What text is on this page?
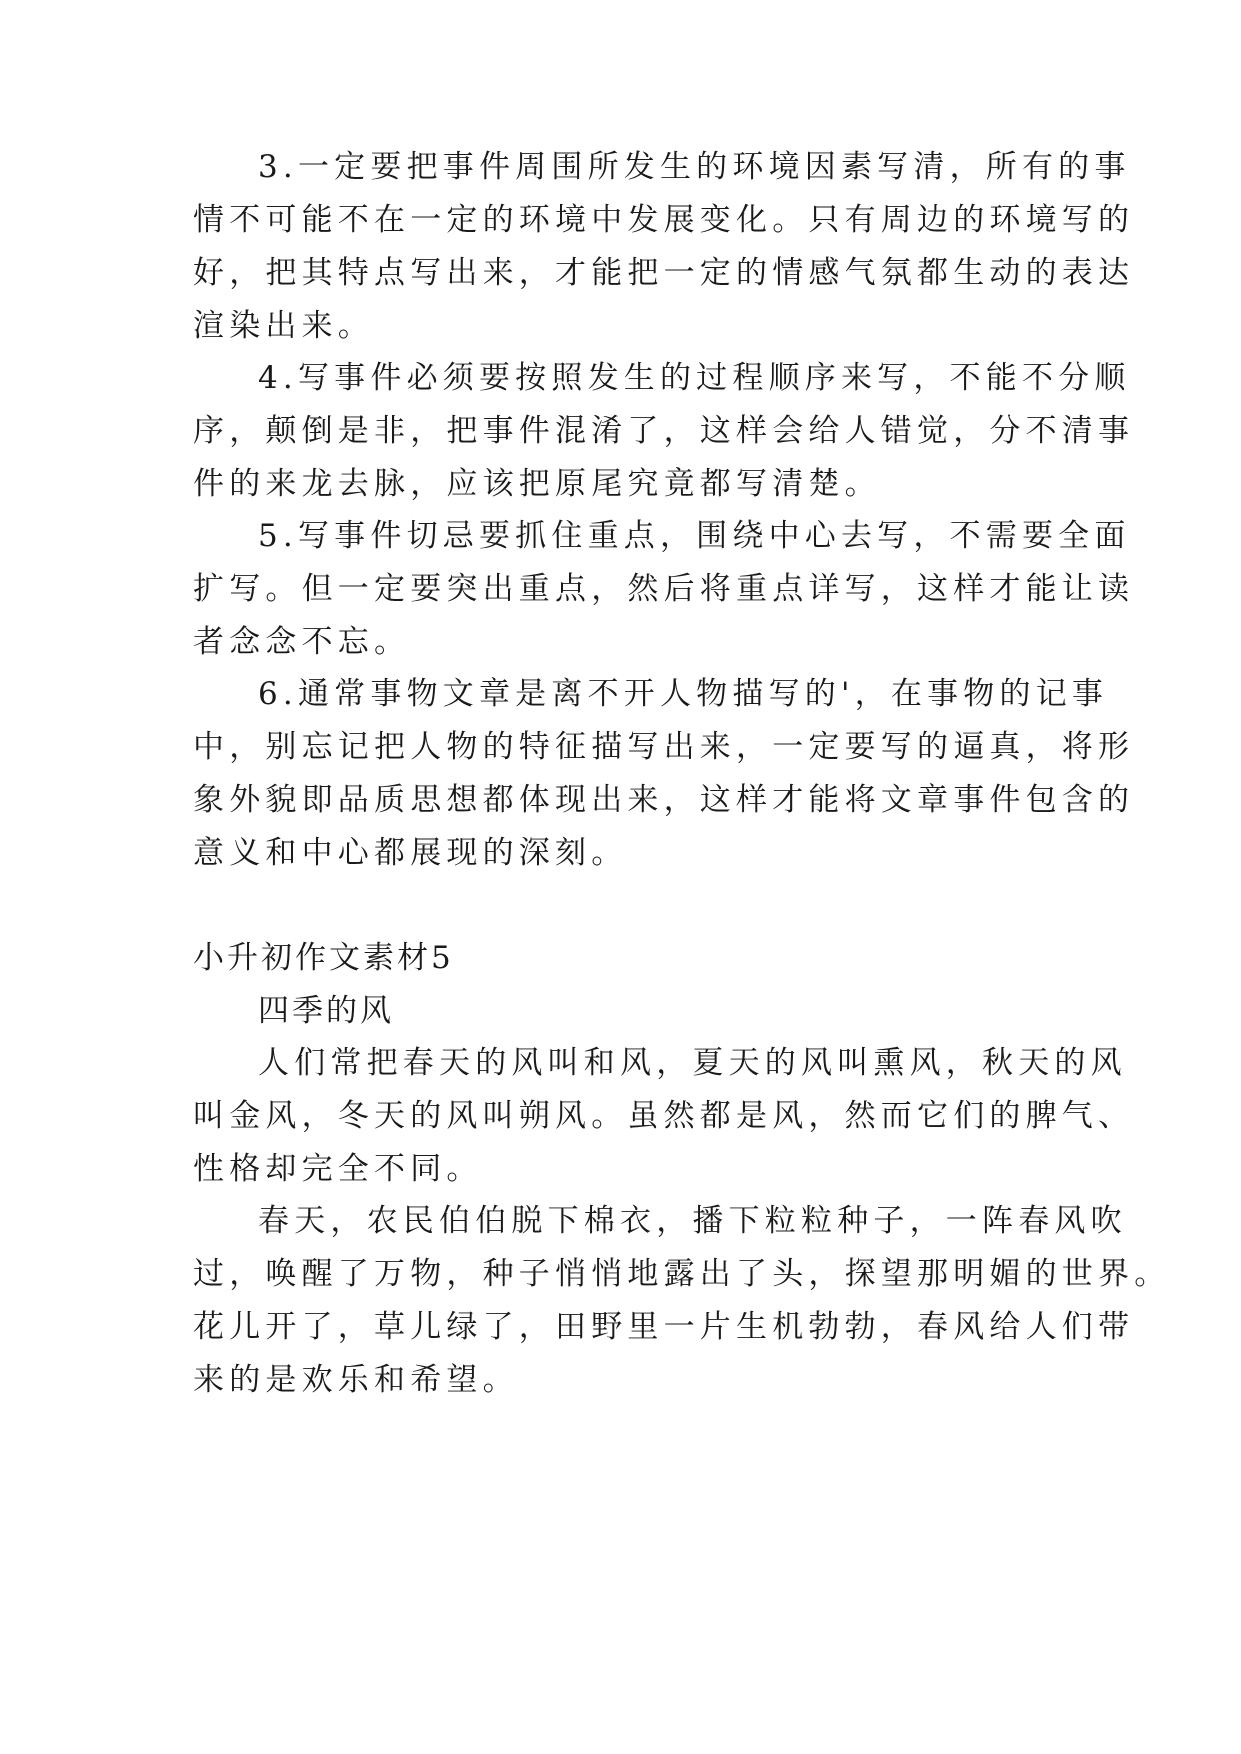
3.一定要把事件周围所发生的环境因素写清，所有的事
情不可能不在一定的环境中发展变化。只有周边的环境写的
好，把其特点写出来，才能把一定的情感气氛都生动的表达
渲染出来。
4.写事件必须要按照发生的过程顺序来写，不能不分顺
序，颠倒是非，把事件混淆了，这样会给人错觉，分不清事
件的来龙去脉，应该把原尾究竟都写清楚。
5.写事件切忌要抓住重点，围绕中心去写，不需要全面
扩写。但一定要突出重点，然后将重点详写，这样才能让读
者念念不忘。
6.通常事物文章是离不开人物描写的'，在事物的记事
中，别忘记把人物的特征描写出来，一定要写的逼真，将形
象外貌即品质思想都体现出来，这样才能将文章事件包含的
意义和中心都展现的深刻。
小升初作文素材5
四季的风
人们常把春天的风叫和风，夏天的风叫熏风，秋天的风
叫金风，冬天的风叫朔风。虽然都是风，然而它们的脾气、
性格却完全不同。
春天，农民伯伯脱下棉衣，播下粒粒种子，一阵春风吹
过，唤醒了万物，种子悄悄地露出了头，探望那明媚的世界。
花儿开了，草儿绿了，田野里一片生机勃勃，春风给人们带
来的是欢乐和希望。
